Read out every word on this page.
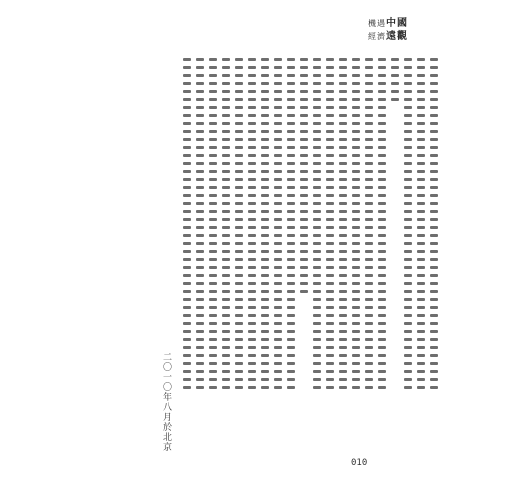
機遇中國
經濟遠觀
二〇一〇年八月於北京
010
